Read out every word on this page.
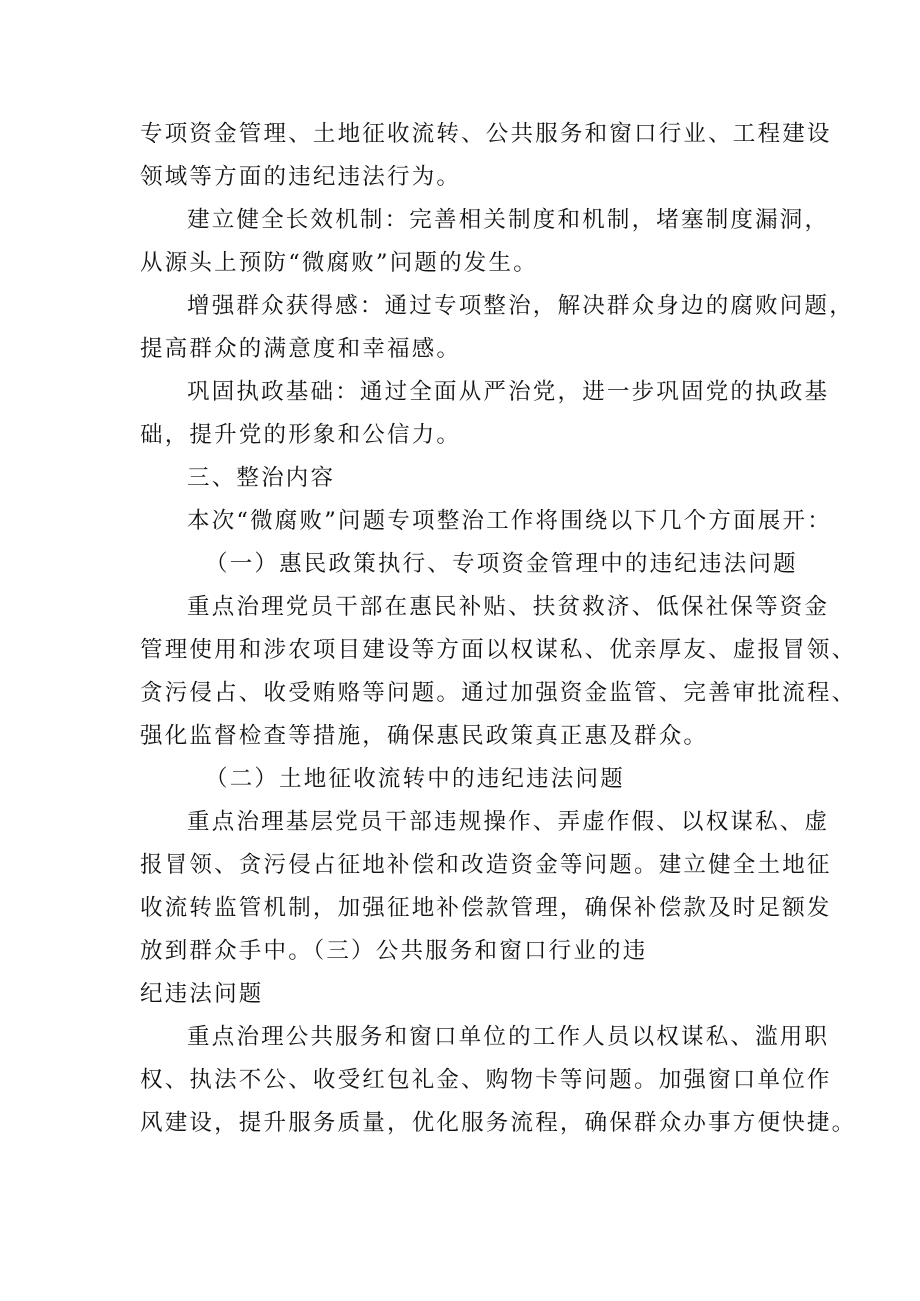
专项资金管理、土地征收流转、公共服务和窗口行业、工程建设
领域等方面的违纪违法行为。
建立健全长效机制：完善相关制度和机制，堵塞制度漏洞，
从源头上预防“微腐败”问题的发生。
增强群众获得感：通过专项整治，解决群众身边的腐败问题，
提高群众的满意度和幸福感。
巩固执政基础：通过全面从严治党，进一步巩固党的执政基
础，提升党的形象和公信力。
三、整治内容
本次“微腐败”问题专项整治工作将围绕以下几个方面展开：
（一）惠民政策执行、专项资金管理中的违纪违法问题
重点治理党员干部在惠民补贴、扶贫救济、低保社保等资金
管理使用和涉农项目建设等方面以权谋私、优亲厚友、虚报冒领、
贪污侵占、收受贿赂等问题。通过加强资金监管、完善审批流程、
强化监督检查等措施，确保惠民政策真正惠及群众。
（二）土地征收流转中的违纪违法问题
重点治理基层党员干部违规操作、弄虚作假、以权谋私、虚
报冒领、贪污侵占征地补偿和改造资金等问题。建立健全土地征
收流转监管机制，加强征地补偿款管理，确保补偿款及时足额发
放到群众手中。（三）公共服务和窗口行业的违
纪违法问题
重点治理公共服务和窗口单位的工作人员以权谋私、滥用职
权、执法不公、收受红包礼金、购物卡等问题。加强窗口单位作
风建设，提升服务质量，优化服务流程，确保群众办事方便快捷。
